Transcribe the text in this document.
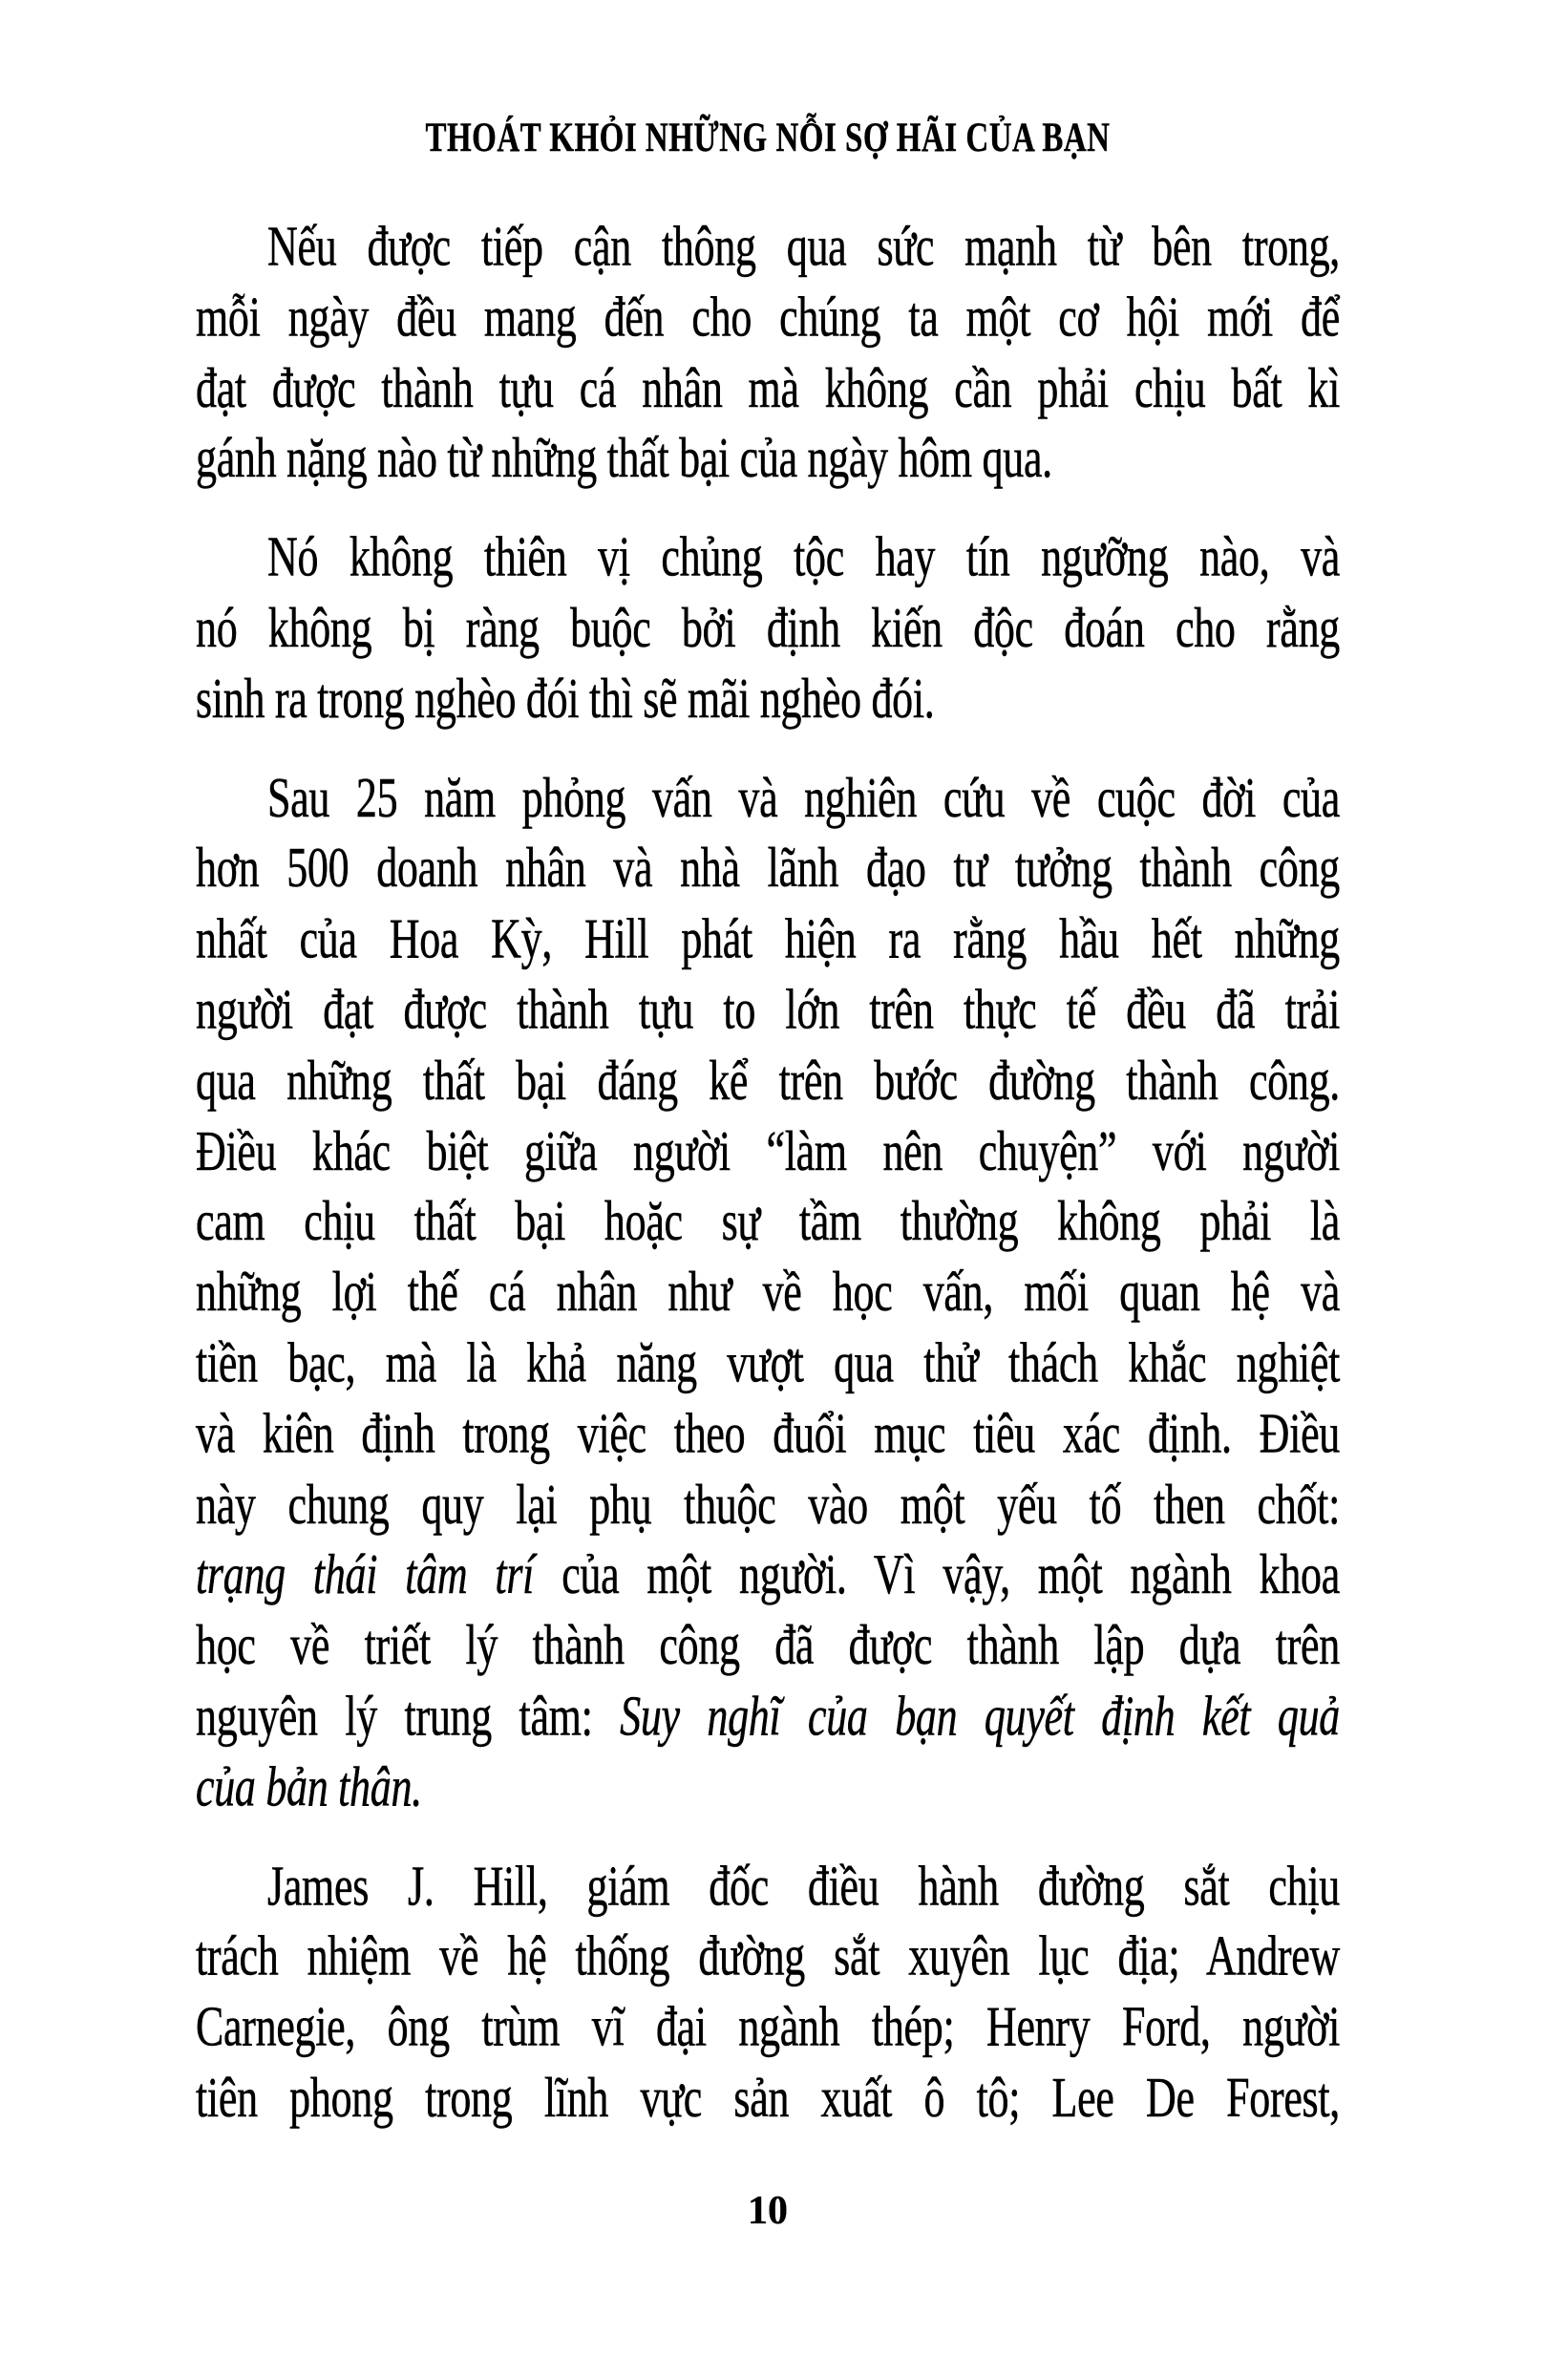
THOÁT KHỎI NHỮNG NỖI SỢ HÃI CỦA BẠN
Nếu được tiếp cận thông qua sức mạnh từ bên trong,
mỗi ngày đều mang đến cho chúng ta một cơ hội mới để
đạt được thành tựu cá nhân mà không cần phải chịu bất kì
gánh nặng nào từ những thất bại của ngày hôm qua.
Nó không thiên vị chủng tộc hay tín ngưỡng nào, và
nó không bị ràng buộc bởi định kiến độc đoán cho rằng
sinh ra trong nghèo đói thì sẽ mãi nghèo đói.
Sau 25 năm phỏng vấn và nghiên cứu về cuộc đời của
hơn 500 doanh nhân và nhà lãnh đạo tư tưởng thành công
nhất của Hoa Kỳ, Hill phát hiện ra rằng hầu hết những
người đạt được thành tựu to lớn trên thực tế đều đã trải
qua những thất bại đáng kể trên bước đường thành công.
Điều khác biệt giữa người “làm nên chuyện” với người
cam chịu thất bại hoặc sự tầm thường không phải là
những lợi thế cá nhân như về học vấn, mối quan hệ và
tiền bạc, mà là khả năng vượt qua thử thách khắc nghiệt
và kiên định trong việc theo đuổi mục tiêu xác định. Điều
này chung quy lại phụ thuộc vào một yếu tố then chốt:
trạng thái tâm trí của một người. Vì vậy, một ngành khoa
học về triết lý thành công đã được thành lập dựa trên
nguyên lý trung tâm: Suy nghĩ của bạn quyết định kết quả
của bản thân.
James J. Hill, giám đốc điều hành đường sắt chịu
trách nhiệm về hệ thống đường sắt xuyên lục địa; Andrew
Carnegie, ông trùm vĩ đại ngành thép; Henry Ford, người
tiên phong trong lĩnh vực sản xuất ô tô; Lee De Forest,
10
